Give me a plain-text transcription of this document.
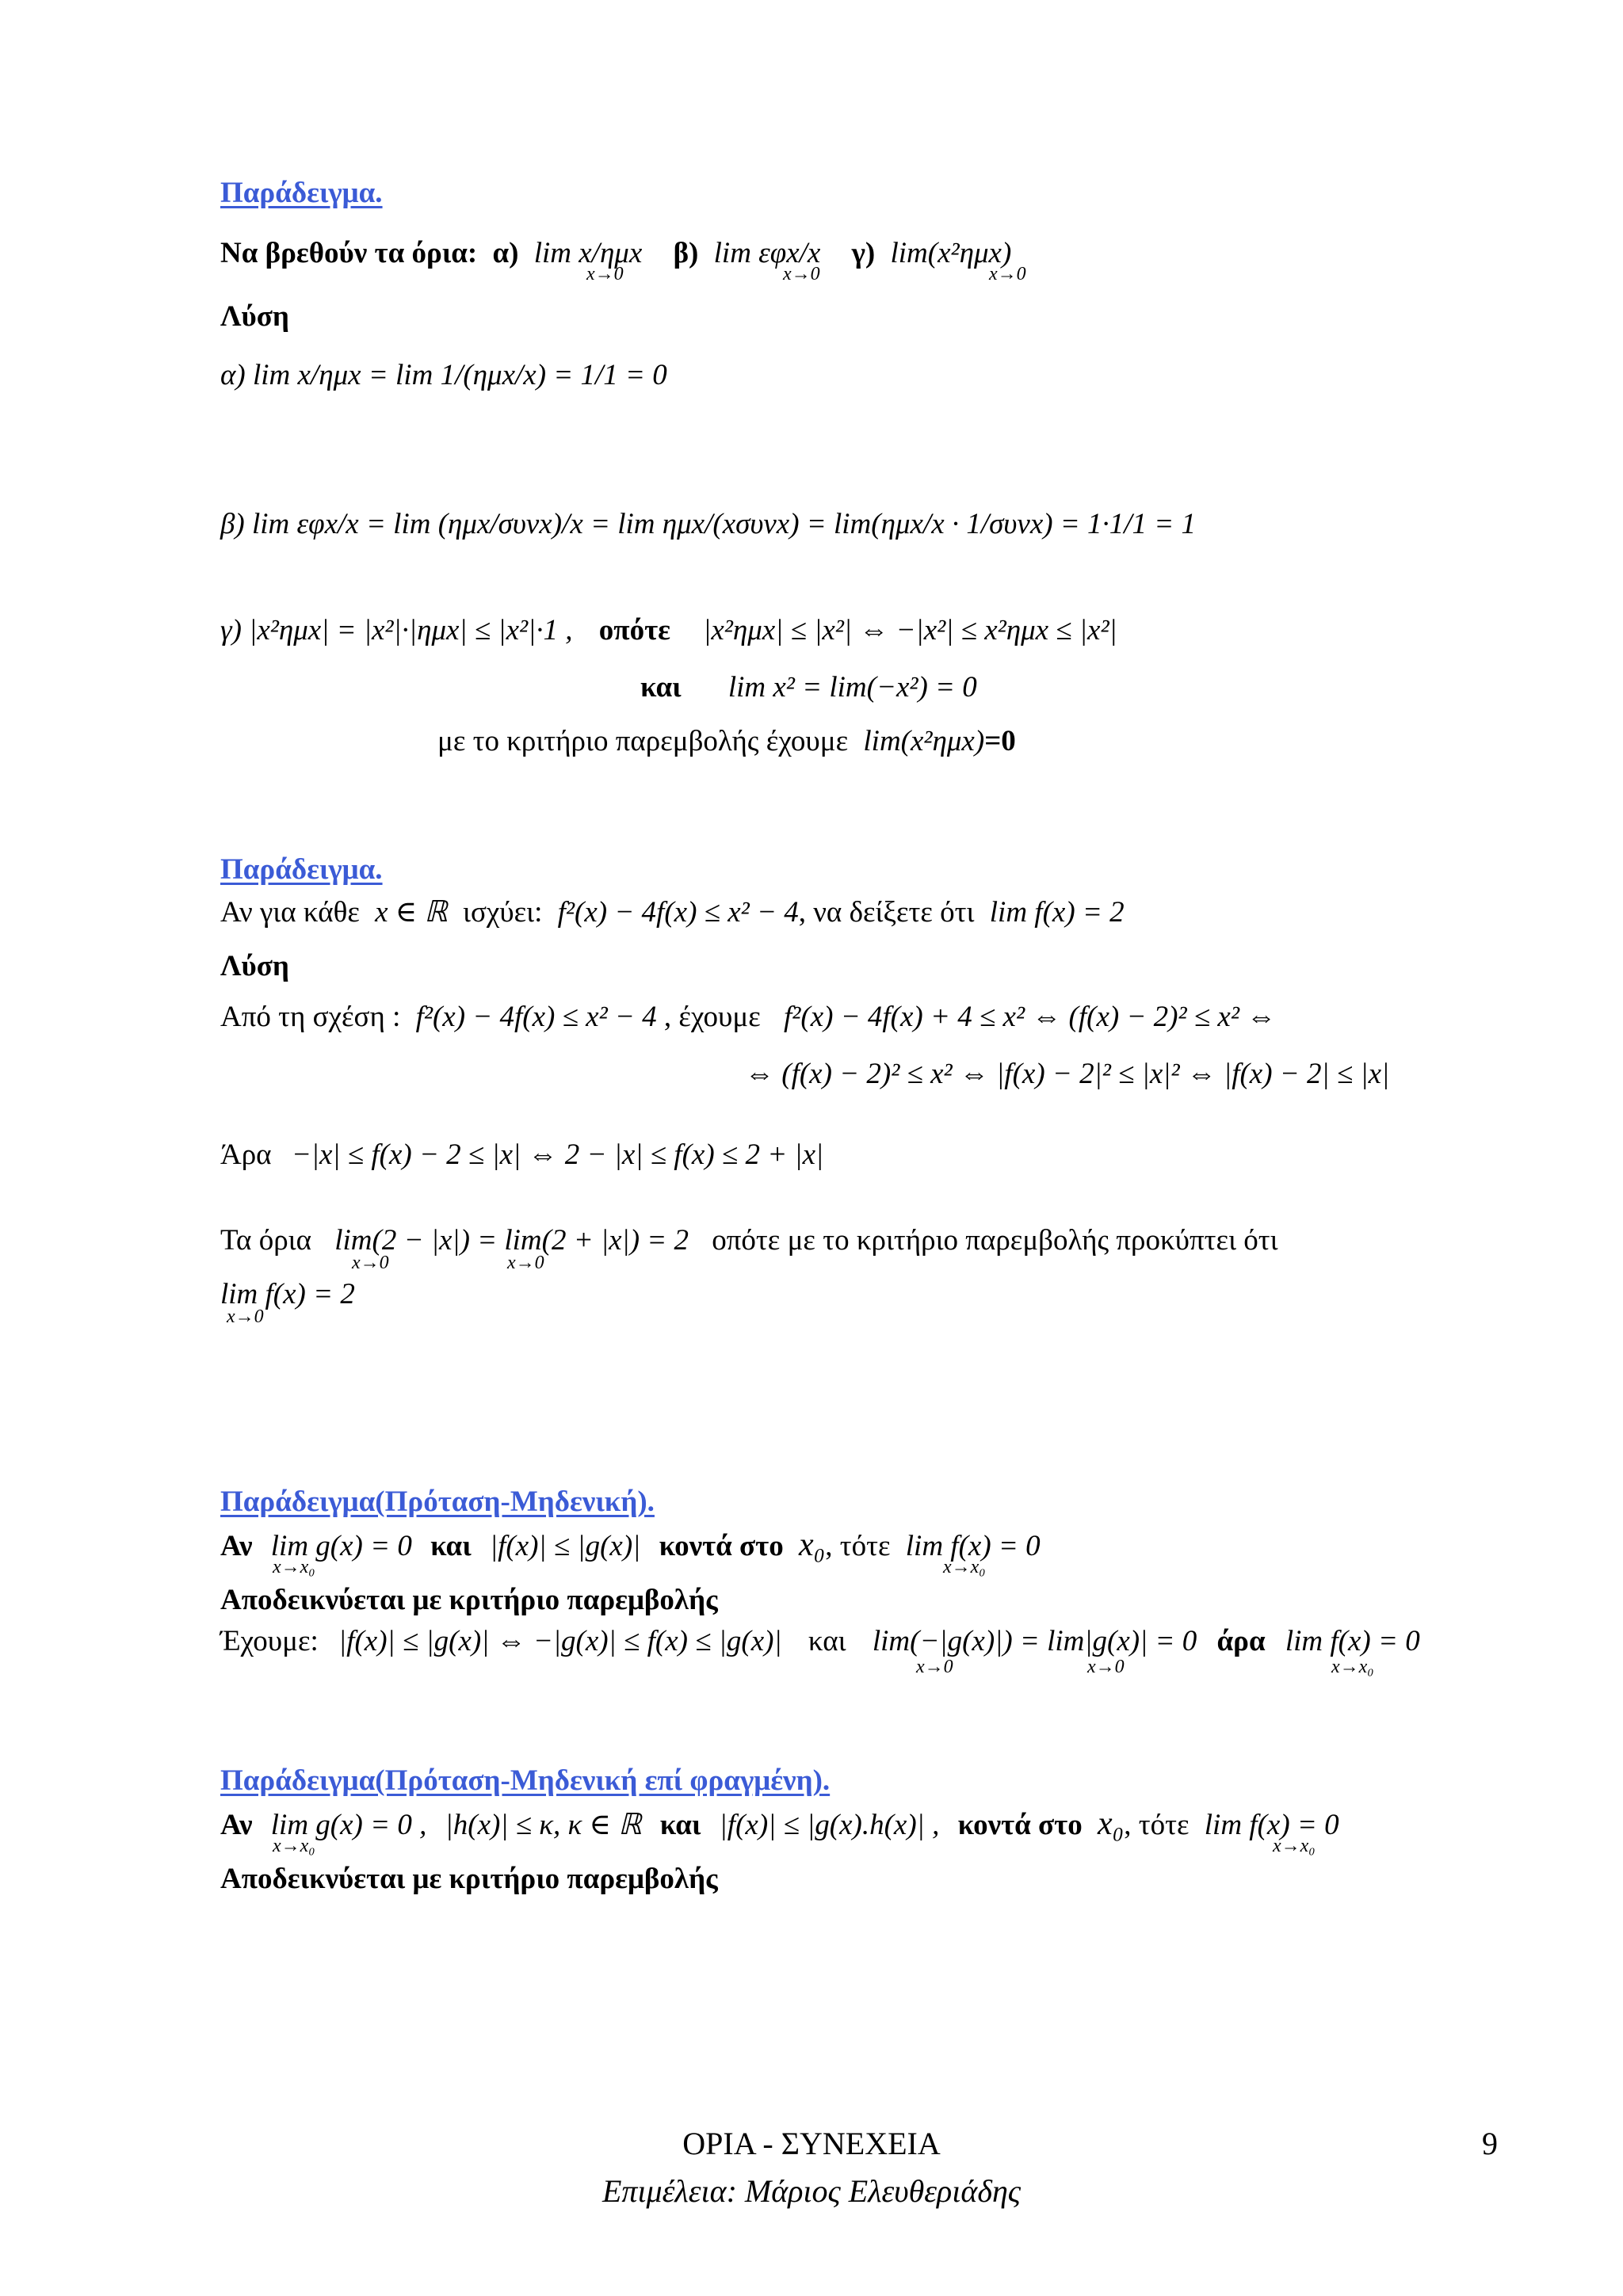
Παράδειγμα.
Να βρεθούν τα όρια: α) lim x/ημx β) lim εφx/x γ) lim(x²ημx)
x→0	x→0	x→0
Λύση
α) lim x/ημx = lim 1/(ημx/x) = 1/1 = 0
β) lim εφx/x = lim (ημx/συνx)/x = lim ημx/(xσυνx) = lim(ημx/x · 1/συνx) = 1·1/1 = 1
γ) |x²ημx| = |x²|·|ημx| ≤ |x²|·1 , οπότε |x²ημx| ≤ |x²| ⇔ −|x²| ≤ x²ημx ≤ |x²|
και lim x² = lim(−x²) = 0
με το κριτήριο παρεμβολής έχουμε lim(x²ημx)=0
Παράδειγμα.
Αν για κάθε x ∈ ℝ ισχύει: f²(x) − 4f(x) ≤ x² − 4, να δείξετε ότι lim f(x) = 2
Λύση
Από τη σχέση : f²(x) − 4f(x) ≤ x² − 4 , έχουμε f²(x) − 4f(x) + 4 ≤ x² ⇔ (f(x) − 2)² ≤ x² ⇔
⇔ (f(x) − 2)² ≤ x² ⇔ |f(x) − 2|² ≤ |x|² ⇔ |f(x) − 2| ≤ |x|
Άρα −|x| ≤ f(x) − 2 ≤ |x| ⇔ 2 − |x| ≤ f(x) ≤ 2 + |x|
Τα όρια lim(2 − |x|) = lim(2 + |x|) = 2 οπότε με το κριτήριο παρεμβολής προκύπτει ότι
x→0	x→0
lim f(x) = 2
x→0
Παράδειγμα(Πρόταση-Μηδενική).
Αν lim g(x) = 0 και |f(x)| ≤ |g(x)| κοντά στο x₀, τότε lim f(x) = 0
x→x₀	x→x₀
Αποδεικνύεται με κριτήριο παρεμβολής
Έχουμε: |f(x)| ≤ |g(x)| ⇔ −|g(x)| ≤ f(x) ≤ |g(x)| και lim(−|g(x)|) = lim|g(x)| = 0 άρα lim f(x) = 0
x→0	x→0	x→x₀
Παράδειγμα(Πρόταση-Μηδενική επί φραγμένη).
Αν lim g(x) = 0 , |h(x)| ≤ κ, κ ∈ ℝ και |f(x)| ≤ |g(x).h(x)| , κοντά στο x₀, τότε lim f(x) = 0
x→x₀	x→x₀
Αποδεικνύεται με κριτήριο παρεμβολής
ΟΡΙΑ - ΣΥΝΕΧΕΙΑ
Επιμέλεια: Μάριος Ελευθεριάδης
9
